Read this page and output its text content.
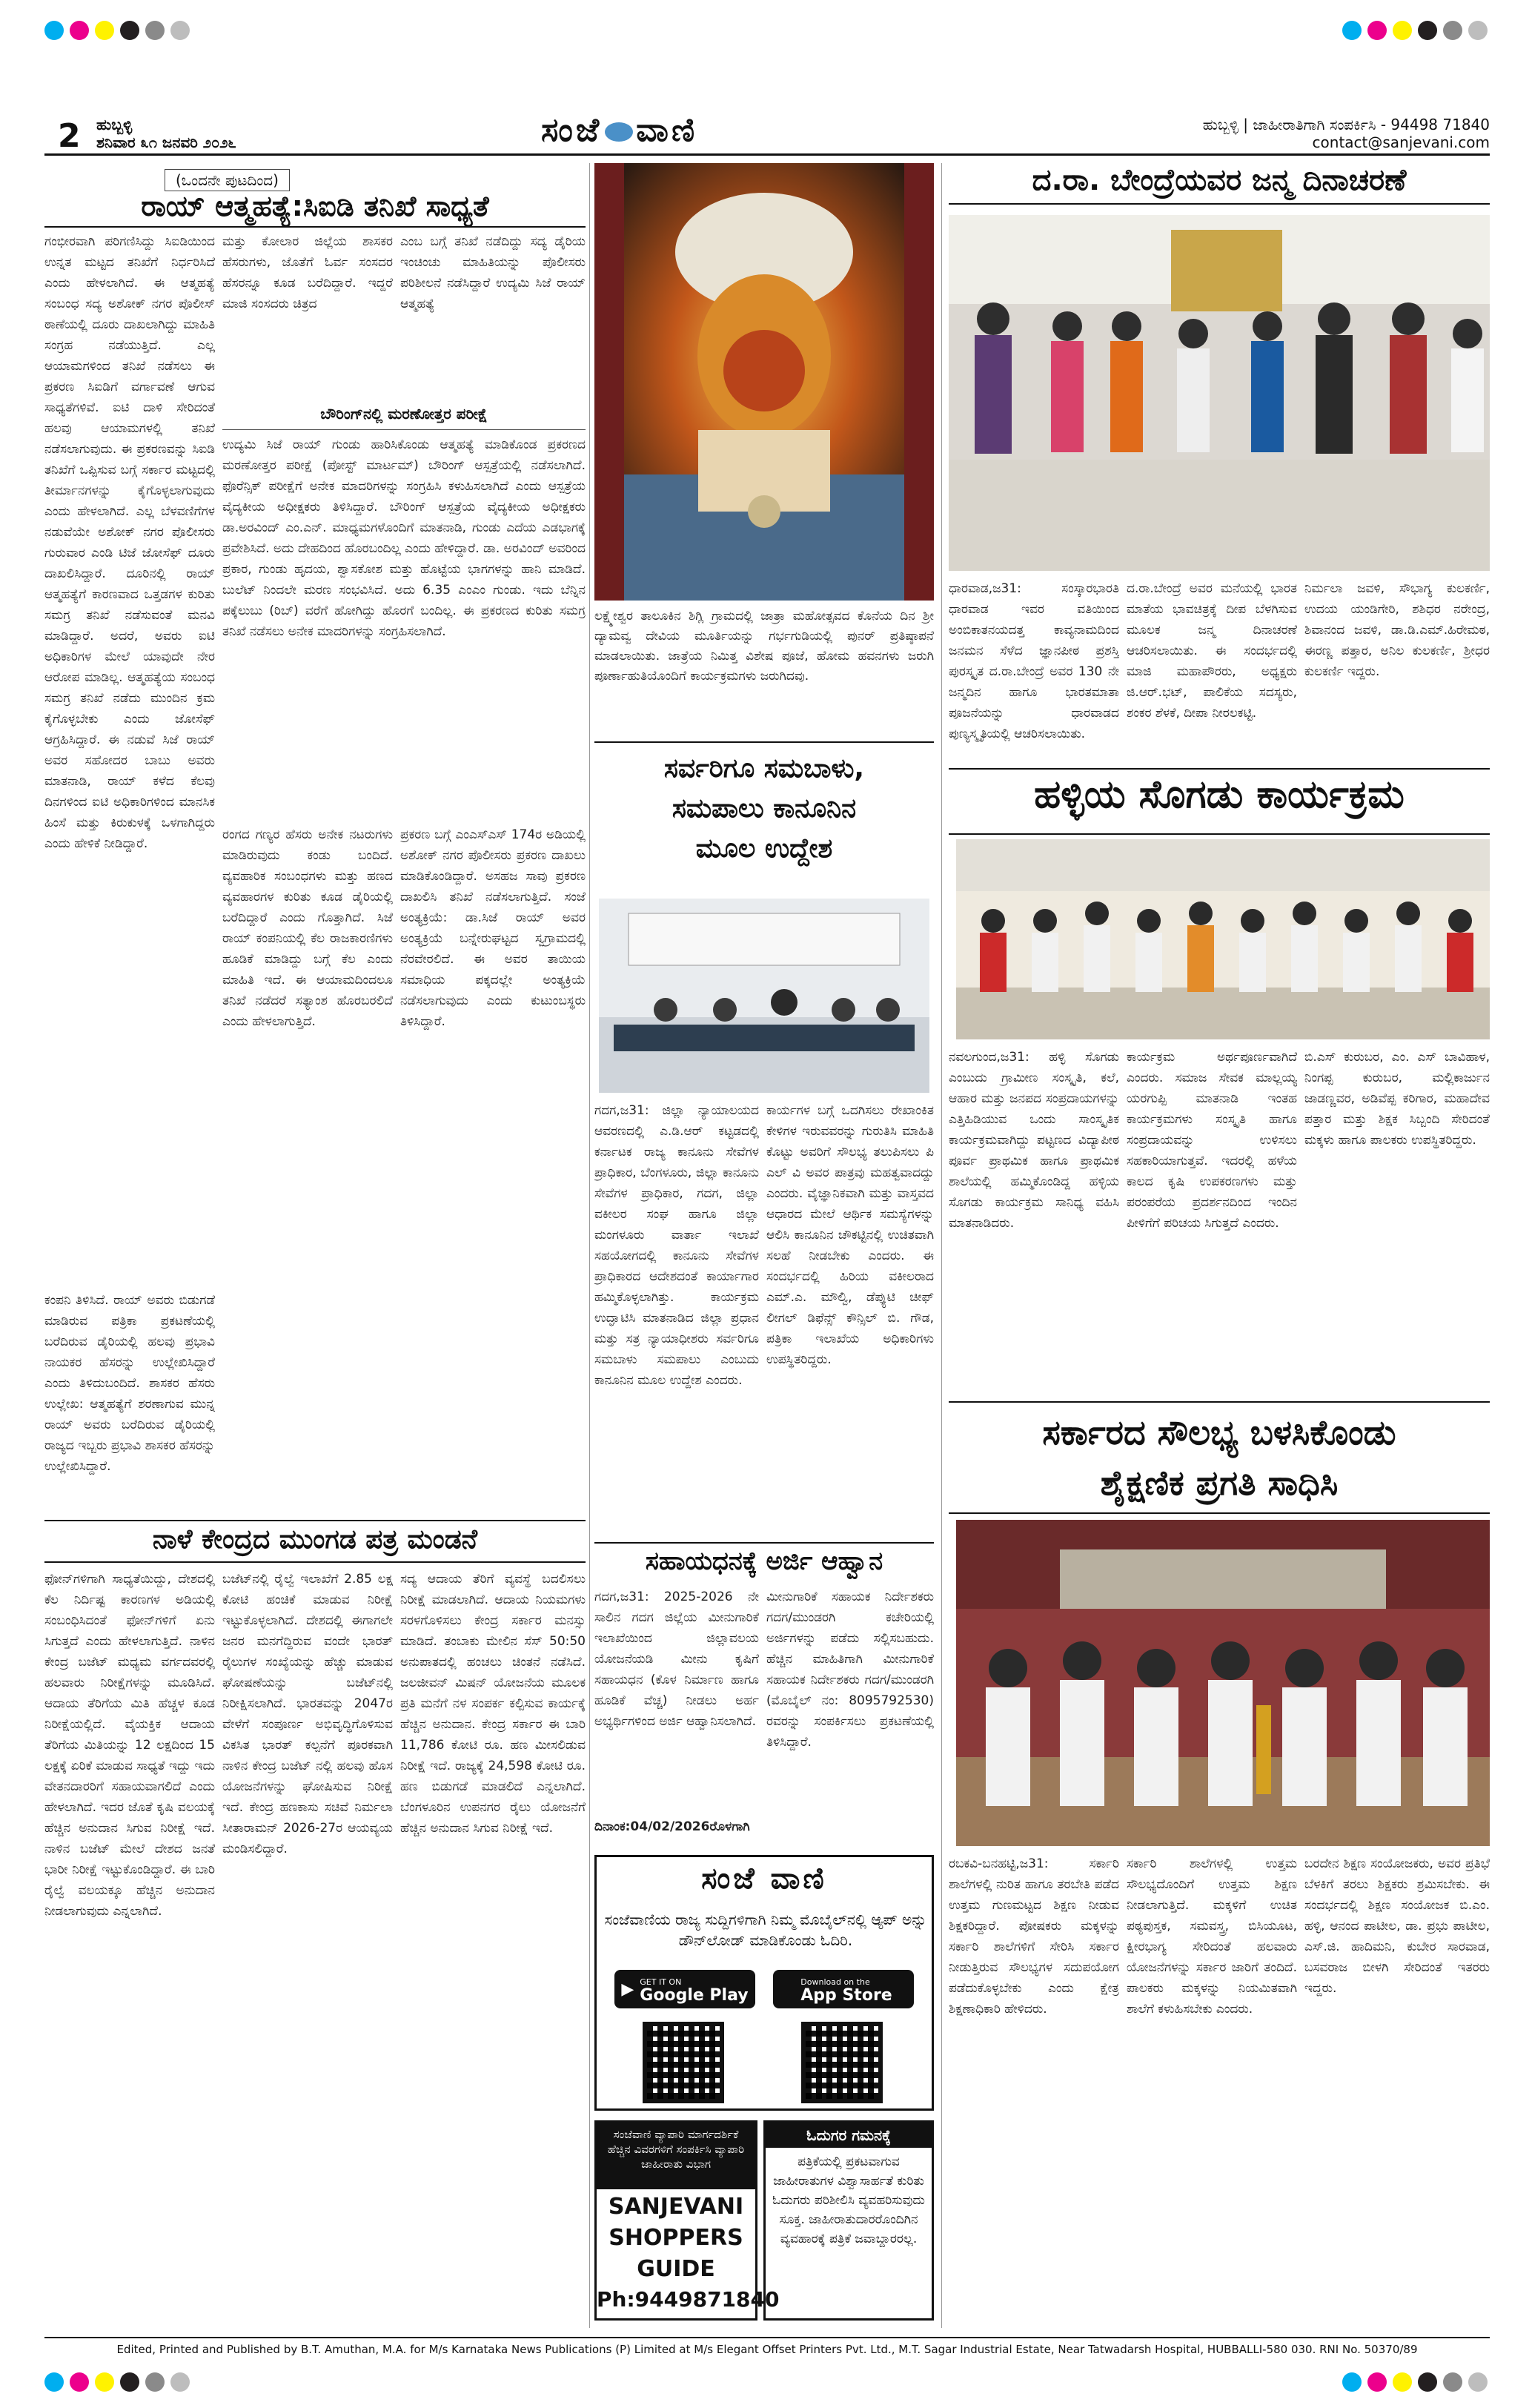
2 ಹುಬ್ಬಳ್ಳಿ
ಶನಿವಾರ ೩೧ ಜನವರಿ ೨೦೨೬	ಸಂಜೆ ವಾಣಿ	ಹುಬ್ಬಳ್ಳಿ | ಜಾಹೀರಾತಿಗಾಗಿ ಸಂಪರ್ಕಿಸಿ - 94498 71840
contact@sanjevani.com
(ಒಂದನೇ ಪುಟದಿಂದ)
ರಾಯ್ ಆತ್ಮಹತ್ಯೆ:ಸಿಐಡಿ ತನಿಖೆ ಸಾಧ್ಯತೆ
ಗಂಭೀರವಾಗಿ ಪರಿಗಣಿಸಿದ್ದು ಸಿಐಡಿಯಿಂದ ಉನ್ನತ ಮಟ್ಟದ ತನಿಖೆಗೆ ನಿರ್ಧರಿಸಿದೆ ಎಂದು ಹೇಳಲಾಗಿದೆ. ಈ ಆತ್ಮಹತ್ಯೆ ಸಂಬಂಧ ಸದ್ಯ ಅಶೋಕ್ ನಗರ ಪೊಲೀಸ್ ಠಾಣೆಯಲ್ಲಿ ದೂರು ದಾಖಲಾಗಿದ್ದು ಮಾಹಿತಿ ಸಂಗ್ರಹ ನಡೆಯುತ್ತಿದೆ. ಎಲ್ಲ ಆಯಾಮಗಳಿಂದ ತನಿಖೆ ನಡೆಸಲು ಈ ಪ್ರಕರಣ ಸಿಐಡಿಗೆ ವರ್ಗಾವಣೆ ಆಗುವ ಸಾಧ್ಯತೆಗಳಿವೆ. ಐಟಿ ದಾಳಿ ಸೇರಿದಂತೆ ಹಲವು ಆಯಾಮಗಳಲ್ಲಿ ತನಿಖೆ ನಡೆಸಲಾಗುವುದು. ಈ ಪ್ರಕರಣವನ್ನು ಸಿಐಡಿ ತನಿಖೆಗೆ ಒಪ್ಪಿಸುವ ಬಗ್ಗೆ ಸರ್ಕಾರ ಮಟ್ಟದಲ್ಲಿ ತೀರ್ಮಾನಗಳನ್ನು ಕೈಗೊಳ್ಳಲಾಗುವುದು ಎಂದು ಹೇಳಲಾಗಿದೆ. ಎಲ್ಲ ಬೆಳವಣಿಗೆಗಳ ನಡುವೆಯೇ ಅಶೋಕ್ ನಗರ ಪೊಲೀಸರು ಗುರುವಾರ ಎಂಡಿ ಟಿಜೆ ಜೋಸೆಫ್ ದೂರು ದಾಖಲಿಸಿದ್ದಾರೆ. ದೂರಿನಲ್ಲಿ ರಾಯ್ ಆತ್ಮಹತ್ಯೆಗೆ ಕಾರಣವಾದ ಒತ್ತಡಗಳ ಕುರಿತು ಸಮಗ್ರ ತನಿಖೆ ನಡೆಸುವಂತೆ ಮನವಿ ಮಾಡಿದ್ದಾರೆ. ಅದರೆ, ಅವರು ಐಟಿ ಅಧಿಕಾರಿಗಳ ಮೇಲೆ ಯಾವುದೇ ನೇರ ಆರೋಪ ಮಾಡಿಲ್ಲ. ಆತ್ಮಹತ್ಯೆಯ ಸಂಬಂಧ ಸಮಗ್ರ ತನಿಖೆ ನಡೆದು ಮುಂದಿನ ಕ್ರಮ ಕೈಗೊಳ್ಳಬೇಕು ಎಂದು ಜೋಸೆಫ್ ಆಗ್ರಹಿಸಿದ್ದಾರೆ. ಈ ನಡುವೆ ಸಿಜೆ ರಾಯ್ ಅವರ ಸಹೋದರ ಬಾಬು ಅವರು ಮಾತನಾಡಿ, ರಾಯ್ ಕಳೆದ ಕೆಲವು ದಿನಗಳಿಂದ ಐಟಿ ಅಧಿಕಾರಿಗಳಿಂದ ಮಾನಸಿಕ ಹಿಂಸೆ ಮತ್ತು ಕಿರುಕುಳಕ್ಕೆ ಒಳಗಾಗಿದ್ದರು ಎಂದು ಹೇಳಿಕೆ ನೀಡಿದ್ದಾರೆ.
ಮತ್ತು ಕೋಲಾರ ಜಿಲ್ಲೆಯ ಶಾಸಕರ ಹೆಸರುಗಳು, ಜೊತೆಗೆ ಓರ್ವ ಸಂಸದರ ಹೆಸರನ್ನೂ ಕೂಡ ಬರೆದಿದ್ದಾರೆ. ಇದ್ದರೆ ಮಾಜಿ ಸಂಸದರು ಚಿತ್ರದ
ಎಂಬ ಬಗ್ಗೆ ತನಿಖೆ ನಡೆದಿದ್ದು ಸದ್ಯ ಡೈರಿಯ ಇಂಚಿಂಚು ಮಾಹಿತಿಯನ್ನು ಪೊಲೀಸರು ಪರಿಶೀಲನೆ ನಡೆಸಿದ್ದಾರೆ ಉದ್ಯಮಿ ಸಿಜೆ ರಾಯ್ ಆತ್ಮಹತ್ಯೆ
ಬೌರಿಂಗ್‌ನಲ್ಲಿ ಮರಣೋತ್ತರ ಪರೀಕ್ಷೆ
ಉದ್ಯಮಿ ಸಿಜೆ ರಾಯ್ ಗುಂಡು ಹಾರಿಸಿಕೊಂಡು ಆತ್ಮಹತ್ಯೆ ಮಾಡಿಕೊಂಡ ಪ್ರಕರಣದ ಮರಣೋತ್ತರ ಪರೀಕ್ಷೆ (ಪೋಸ್ಟ್ ಮಾರ್ಟಮ್) ಬೌರಿಂಗ್ ಆಸ್ಪತ್ರೆಯಲ್ಲಿ ನಡೆಸಲಾಗಿದೆ. ಫೊರೆನ್ಸಿಕ್ ಪರೀಕ್ಷೆಗೆ ಅನೇಕ ಮಾದರಿಗಳನ್ನು ಸಂಗ್ರಹಿಸಿ ಕಳುಹಿಸಲಾಗಿದೆ ಎಂದು ಆಸ್ಪತ್ರೆಯ ವೈದ್ಯಕೀಯ ಅಧೀಕ್ಷಕರು ತಿಳಿಸಿದ್ದಾರೆ. ಬೌರಿಂಗ್ ಆಸ್ಪತ್ರೆಯ ವೈದ್ಯಕೀಯ ಅಧೀಕ್ಷಕರು ಡಾ.ಅರವಿಂದ್ ಎಂ.ಎನ್. ಮಾಧ್ಯಮಗಳೊಂದಿಗೆ ಮಾತನಾಡಿ, ಗುಂಡು ಎದೆಯ ಎಡಭಾಗಕ್ಕೆ ಪ್ರವೇಶಿಸಿದೆ. ಅದು ದೇಹದಿಂದ ಹೊರಬಂದಿಲ್ಲ ಎಂದು ಹೇಳಿದ್ದಾರೆ. ಡಾ. ಅರವಿಂದ್ ಅವರಿಂದ ಪ್ರಕಾರ, ಗುಂಡು ಹೃದಯ, ಶ್ವಾಸಕೋಶ ಮತ್ತು ಹೊಟ್ಟೆಯ ಭಾಗಗಳನ್ನು ಹಾನಿ ಮಾಡಿದೆ. ಬುಲೆಟ್ ನಿಂದಲೇ ಮರಣ ಸಂಭವಿಸಿದೆ. ಅದು 6.35 ಎಂಎಂ ಗುಂಡು. ಇದು ಬೆನ್ನಿನ ಪಕ್ಕೆಲುಬು (ರಿಬ್) ವರೆಗೆ ಹೋಗಿದ್ದು ಹೊರಗೆ ಬಂದಿಲ್ಲ. ಈ ಪ್ರಕರಣದ ಕುರಿತು ಸಮಗ್ರ ತನಿಖೆ ನಡೆಸಲು ಅನೇಕ ಮಾದರಿಗಳನ್ನು ಸಂಗ್ರಹಿಸಲಾಗಿದೆ.
ರಂಗದ ಗಣ್ಯರ ಹೆಸರು ಅನೇಕ ನಟರುಗಳು ಮಾಡಿರುವುದು ಕಂಡು ಬಂದಿದೆ. ವ್ಯವಹಾರಿಕ ಸಂಬಂಧಗಳು ಮತ್ತು ಹಣದ ವ್ಯವಹಾರಗಳ ಕುರಿತು ಕೂಡ ಡೈರಿಯಲ್ಲಿ ಬರೆದಿದ್ದಾರೆ ಎಂದು ಗೊತ್ತಾಗಿದೆ. ಸಿಜೆ ರಾಯ್ ಕಂಪನಿಯಲ್ಲಿ ಕೆಲ ರಾಜಕಾರಣಿಗಳು ಹೂಡಿಕೆ ಮಾಡಿದ್ದು ಬಗ್ಗೆ ಕೆಲ ಎಂದು ಮಾಹಿತಿ ಇದೆ. ಈ ಆಯಾಮದಿಂದಲೂ ತನಿಖೆ ನಡೆದರೆ ಸತ್ಯಾಂಶ ಹೊರಬರಲಿದೆ ಎಂದು ಹೇಳಲಾಗುತ್ತಿದೆ.
ಪ್ರಕರಣ ಬಗ್ಗೆ ಎಂಎಸ್‌ಎಸ್ 174ರ ಅಡಿಯಲ್ಲಿ ಅಶೋಕ್ ನಗರ ಪೊಲೀಸರು ಪ್ರಕರಣ ದಾಖಲು ಮಾಡಿಕೊಂಡಿದ್ದಾರೆ. ಅಸಹಜ ಸಾವು ಪ್ರಕರಣ ದಾಖಲಿಸಿ ತನಿಖೆ ನಡೆಸಲಾಗುತ್ತಿದೆ. ಸಂಜೆ ಅಂತ್ಯಕ್ರಿಯೆ: ಡಾ.ಸಿಜೆ ರಾಯ್ ಅವರ ಅಂತ್ಯಕ್ರಿಯೆ ಬನ್ನೇರುಘಟ್ಟದ ಸ್ವಗ್ರಾಮದಲ್ಲಿ ನೆರವೇರಲಿದೆ. ಈ ಅವರ ತಾಯಿಯ ಸಮಾಧಿಯ ಪಕ್ಕದಲ್ಲೇ ಅಂತ್ಯಕ್ರಿಯೆ ನಡೆಸಲಾಗುವುದು ಎಂದು ಕುಟುಂಬಸ್ಥರು ತಿಳಿಸಿದ್ದಾರೆ.
ಕಂಪನಿ ತಿಳಿಸಿದೆ. ರಾಯ್ ಅವರು ಬಿಡುಗಡೆ ಮಾಡಿರುವ ಪತ್ರಿಕಾ ಪ್ರಕಟಣೆಯಲ್ಲಿ ಬರೆದಿರುವ ಡೈರಿಯಲ್ಲಿ ಹಲವು ಪ್ರಭಾವಿ ನಾಯಕರ ಹೆಸರನ್ನು ಉಲ್ಲೇಖಿಸಿದ್ದಾರೆ ಎಂದು ತಿಳಿದುಬಂದಿದೆ. ಶಾಸಕರ ಹೆಸರು ಉಲ್ಲೇಖ: ಆತ್ಮಹತ್ಯೆಗೆ ಶರಣಾಗುವ ಮುನ್ನ ರಾಯ್ ಅವರು ಬರೆದಿರುವ ಡೈರಿಯಲ್ಲಿ ರಾಜ್ಯದ ಇಬ್ಬರು ಪ್ರಭಾವಿ ಶಾಸಕರ ಹೆಸರನ್ನು ಉಲ್ಲೇಖಿಸಿದ್ದಾರೆ.
ನಾಳೆ ಕೇಂದ್ರದ ಮುಂಗಡ ಪತ್ರ ಮಂಡನೆ
ಫೋನ್‌ಗಳಿಗಾಗಿ ಸಾಧ್ಯತೆಯಿದ್ದು, ದೇಶದಲ್ಲಿ ಕೆಲ ನಿರ್ದಿಷ್ಟ ಕಾರಣಗಳ ಅಡಿಯಲ್ಲಿ ಸಂಬಂಧಿಸಿದಂತೆ ಫೋನ್‌ಗಳಿಗೆ ಏನು ಸಿಗುತ್ತದೆ ಎಂದು ಹೇಳಲಾಗುತ್ತಿದೆ. ನಾಳಿನ ಕೇಂದ್ರ ಬಜೆಟ್ ಮಧ್ಯಮ ವರ್ಗದವರಲ್ಲಿ ಹಲವಾರು ನಿರೀಕ್ಷೆಗಳನ್ನು ಮೂಡಿಸಿದೆ. ಆದಾಯ ತೆರಿಗೆಯ ಮಿತಿ ಹೆಚ್ಚಳ ಕೂಡ ನಿರೀಕ್ಷೆಯಲ್ಲಿದೆ. ವೈಯಕ್ತಿಕ ಆದಾಯ ತೆರಿಗೆಯ ಮಿತಿಯನ್ನು 12 ಲಕ್ಷದಿಂದ 15 ಲಕ್ಷಕ್ಕೆ ಏರಿಕೆ ಮಾಡುವ ಸಾಧ್ಯತೆ ಇದ್ದು ಇದು ವೇತನದಾರರಿಗೆ ಸಹಾಯವಾಗಲಿದೆ ಎಂದು ಹೇಳಲಾಗಿದೆ. ಇದರ ಜೊತೆ ಕೃಷಿ ವಲಯಕ್ಕೆ ಹೆಚ್ಚಿನ ಅನುದಾನ ಸಿಗುವ ನಿರೀಕ್ಷೆ ಇದೆ. ನಾಳಿನ ಬಜೆಟ್ ಮೇಲೆ ದೇಶದ ಜನತೆ ಭಾರೀ ನಿರೀಕ್ಷೆ ಇಟ್ಟುಕೊಂಡಿದ್ದಾರೆ. ಈ ಬಾರಿ ರೈಲ್ವೆ ವಲಯಕ್ಕೂ ಹೆಚ್ಚಿನ ಅನುದಾನ ನೀಡಲಾಗುವುದು ಎನ್ನಲಾಗಿದೆ.
ಬಜೆಟ್‌ನಲ್ಲಿ ರೈಲ್ವೆ ಇಲಾಖೆಗೆ 2.85 ಲಕ್ಷ ಕೋಟಿ ಹಂಚಿಕೆ ಮಾಡುವ ನಿರೀಕ್ಷೆ ಇಟ್ಟುಕೊಳ್ಳಲಾಗಿದೆ. ದೇಶದಲ್ಲಿ ಈಗಾಗಲೇ ಜನರ ಮನಗೆದ್ದಿರುವ ವಂದೇ ಭಾರತ್ ರೈಲುಗಳ ಸಂಖ್ಯೆಯನ್ನು ಹೆಚ್ಚು ಮಾಡುವ ಘೋಷಣೆಯನ್ನು ಬಜೆಟ್‌ನಲ್ಲಿ ನಿರೀಕ್ಷಿಸಲಾಗಿದೆ. ಭಾರತವನ್ನು 2047ರ ವೇಳೆಗೆ ಸಂಪೂರ್ಣ ಅಭಿವೃದ್ಧಿಗೊಳಿಸುವ ವಿಕಸಿತ ಭಾರತ್ ಕಲ್ಪನೆಗೆ ಪೂರಕವಾಗಿ ನಾಳಿನ ಕೇಂದ್ರ ಬಜೆಟ್ ನಲ್ಲಿ ಹಲವು ಹೊಸ ಯೋಜನೆಗಳನ್ನು ಘೋಷಿಸುವ ನಿರೀಕ್ಷೆ ಇದೆ. ಕೇಂದ್ರ ಹಣಕಾಸು ಸಚಿವೆ ನಿರ್ಮಲಾ ಸೀತಾರಾಮನ್ 2026-27ರ ಆಯವ್ಯಯ ಮಂಡಿಸಲಿದ್ದಾರೆ.
ಸದ್ಯ ಆದಾಯ ತೆರಿಗೆ ವ್ಯವಸ್ಥೆ ಬದಲಿಸಲು ನಿರೀಕ್ಷೆ ಮಾಡಲಾಗಿದೆ. ಆದಾಯ ನಿಯಮಗಳು ಸರಳಗೊಳಿಸಲು ಕೇಂದ್ರ ಸರ್ಕಾರ ಮನಸ್ಸು ಮಾಡಿದೆ. ತಂಬಾಕು ಮೇಲಿನ ಸೆಸ್ 50:50 ಅನುಪಾತದಲ್ಲಿ ಹಂಚಲು ಚಿಂತನೆ ನಡೆಸಿದೆ. ಜಲಜೀವನ್ ಮಿಷನ್ ಯೋಜನೆಯ ಮೂಲಕ ಪ್ರತಿ ಮನೆಗೆ ನಳ ಸಂಪರ್ಕ ಕಲ್ಪಿಸುವ ಕಾರ್ಯಕ್ಕೆ ಹೆಚ್ಚಿನ ಅನುದಾನ. ಕೇಂದ್ರ ಸರ್ಕಾರ ಈ ಬಾರಿ 11,786 ಕೋಟಿ ರೂ. ಹಣ ಮೀಸಲಿಡುವ ನಿರೀಕ್ಷೆ ಇದೆ. ರಾಜ್ಯಕ್ಕೆ 24,598 ಕೋಟಿ ರೂ. ಹಣ ಬಿಡುಗಡೆ ಮಾಡಲಿದೆ ಎನ್ನಲಾಗಿದೆ. ಬೆಂಗಳೂರಿನ ಉಪನಗರ ರೈಲು ಯೋಜನೆಗೆ ಹೆಚ್ಚಿನ ಅನುದಾನ ಸಿಗುವ ನಿರೀಕ್ಷೆ ಇದೆ.
ಲಕ್ಷ್ಮೇಶ್ವರ ತಾಲೂಕಿನ ಶಿಗ್ಲಿ ಗ್ರಾಮದಲ್ಲಿ ಜಾತ್ರಾ ಮಹೋತ್ಸವದ ಕೊನೆಯ ದಿನ ಶ್ರೀ ದ್ಯಾಮವ್ವ ದೇವಿಯ ಮೂರ್ತಿಯನ್ನು ಗರ್ಭಗುಡಿಯಲ್ಲಿ ಪುನರ್ ಪ್ರತಿಷ್ಠಾಪನೆ ಮಾಡಲಾಯಿತು. ಜಾತ್ರೆಯ ನಿಮಿತ್ತ ವಿಶೇಷ ಪೂಜೆ, ಹೋಮ ಹವನಗಳು ಜರುಗಿ ಪೂರ್ಣಾಹುತಿಯೊಂದಿಗೆ ಕಾರ್ಯಕ್ರಮಗಳು ಜರುಗಿದವು.
ಸರ್ವರಿಗೂ ಸಮಬಾಳು,
ಸಮಪಾಲು ಕಾನೂನಿನ
ಮೂಲ ಉದ್ದೇಶ
ಗದಗ,ಜ31: ಜಿಲ್ಲಾ ನ್ಯಾಯಾಲಯದ ಆವರಣದಲ್ಲಿ ಎ.ಡಿ.ಆರ್ ಕಟ್ಟಡದಲ್ಲಿ ಕರ್ನಾಟಕ ರಾಜ್ಯ ಕಾನೂನು ಸೇವೆಗಳ ಪ್ರಾಧಿಕಾರ, ಬೆಂಗಳೂರು, ಜಿಲ್ಲಾ ಕಾನೂನು ಸೇವೆಗಳ ಪ್ರಾಧಿಕಾರ, ಗದಗ, ಜಿಲ್ಲಾ ವಕೀಲರ ಸಂಘ ಹಾಗೂ ಜಿಲ್ಲಾ ಮಂಗಳೂರು ವಾರ್ತಾ ಇಲಾಖೆ ಸಹಯೋಗದಲ್ಲಿ ಕಾನೂನು ಸೇವೆಗಳ ಪ್ರಾಧಿಕಾರದ ಆದೇಶದಂತೆ ಕಾರ್ಯಾಗಾರ ಹಮ್ಮಿಕೊಳ್ಳಲಾಗಿತ್ತು. ಕಾರ್ಯಕ್ರಮ ಉದ್ಘಾಟಿಸಿ ಮಾತನಾಡಿದ ಜಿಲ್ಲಾ ಪ್ರಧಾನ ಮತ್ತು ಸತ್ರ ನ್ಯಾಯಾಧೀಶರು ಸರ್ವರಿಗೂ ಸಮಬಾಳು ಸಮಪಾಲು ಎಂಬುದು ಕಾನೂನಿನ ಮೂಲ ಉದ್ದೇಶ ಎಂದರು.
ಕಾರ್ಯಗಳ ಬಗ್ಗೆ ಒದಗಿಸಲು ರೇಖಾಂಕಿತ ಕೇಳಿಗಳ ಇರುವವರನ್ನು ಗುರುತಿಸಿ ಮಾಹಿತಿ ಕೊಟ್ಟು ಅವರಿಗೆ ಸೌಲಭ್ಯ ತಲುಪಿಸಲು ಪಿ ಎಲ್ ವಿ ಅವರ ಪಾತ್ರವು ಮಹತ್ವವಾದದ್ದು ಎಂದರು. ವೈಜ್ಞಾನಿಕವಾಗಿ ಮತ್ತು ವಾಸ್ತವದ ಆಧಾರದ ಮೇಲೆ ಆರ್ಥಿಕ ಸಮಸ್ಯೆಗಳನ್ನು ಆಲಿಸಿ ಕಾನೂನಿನ ಚೌಕಟ್ಟಿನಲ್ಲಿ ಉಚಿತವಾಗಿ ಸಲಹೆ ನೀಡಬೇಕು ಎಂದರು. ಈ ಸಂದರ್ಭದಲ್ಲಿ ಹಿರಿಯ ವಕೀಲರಾದ ಎಮ್.ಎ. ಮೌಲ್ವಿ, ಡೆಪ್ಯುಟಿ ಚೀಫ್ ಲೀಗಲ್ ಡಿಫೆನ್ಸ್ ಕೌನ್ಸಿಲ್ ಬಿ. ಗೌಡ, ಪತ್ರಿಕಾ ಇಲಾಖೆಯ ಅಧಿಕಾರಿಗಳು ಉಪಸ್ಥಿತರಿದ್ದರು.
ಸಹಾಯಧನಕ್ಕೆ ಅರ್ಜಿ ಆಹ್ವಾನ
ಗದಗ,ಜ31: 2025-2026 ನೇ ಸಾಲಿನ ಗದಗ ಜಿಲ್ಲೆಯ ಮೀನುಗಾರಿಕೆ ಇಲಾಖೆಯಿಂದ ಜಿಲ್ಲಾವಲಯ ಯೋಜನೆಯಡಿ ಮೀನು ಕೃಷಿಗೆ ಸಹಾಯಧನ (ಕೊಳ ನಿರ್ಮಾಣ ಹಾಗೂ ಹೂಡಿಕೆ ವೆಚ್ಚ) ನೀಡಲು ಅರ್ಹ ಅಭ್ಯರ್ಥಿಗಳಿಂದ ಅರ್ಜಿ ಆಹ್ವಾನಿಸಲಾಗಿದೆ.
ಮೀನುಗಾರಿಕೆ ಸಹಾಯಕ ನಿರ್ದೇಶಕರು ಗದಗ/ಮುಂಡರಗಿ ಕಚೇರಿಯಲ್ಲಿ ಅರ್ಜಿಗಳನ್ನು ಪಡೆದು ಸಲ್ಲಿಸಬಹುದು. ಹೆಚ್ಚಿನ ಮಾಹಿತಿಗಾಗಿ ಮೀನುಗಾರಿಕೆ ಸಹಾಯಕ ನಿರ್ದೇಶಕರು ಗದಗ/ಮುಂಡರಗಿ (ಮೊಬೈಲ್ ನಂ: 8095792530) ರವರನ್ನು ಸಂಪರ್ಕಿಸಲು ಪ್ರಕಟಣೆಯಲ್ಲಿ ತಿಳಿಸಿದ್ದಾರೆ.
ದಿನಾಂಕ:04/02/2026ರೊಳಗಾಗಿ
ಸಂಜೆ ವಾಣಿ
ಸಂಜೆವಾಣಿಯ ರಾಜ್ಯ ಸುದ್ದಿಗಳಿಗಾಗಿ ನಿಮ್ಮ ಮೊಬೈಲ್‌ನಲ್ಲಿ ಆ್ಯಪ್ ಅನ್ನು ಡೌನ್‌ಲೋಡ್ ಮಾಡಿಕೊಂಡು ಓದಿರಿ.
▶ GET IT ON
Google Play
Download on the
App Store
ಸಂಜೆವಾಣಿ ವ್ಯಾಪಾರಿ ಮಾರ್ಗದರ್ಶಿಕೆ ಹೆಚ್ಚಿನ ವಿವರಗಳಿಗೆ ಸಂಪರ್ಕಿಸಿ ವ್ಯಾಪಾರಿ ಜಾಹೀರಾತು ವಿಭಾಗ
SANJEVANI
SHOPPERS
GUIDE
Ph:9449871840
ಓದುಗರ ಗಮನಕ್ಕೆ
ಪತ್ರಿಕೆಯಲ್ಲಿ ಪ್ರಕಟವಾಗುವ ಜಾಹೀರಾತುಗಳ ವಿಶ್ವಾಸಾರ್ಹತೆ ಕುರಿತು ಓದುಗರು ಪರಿಶೀಲಿಸಿ ವ್ಯವಹರಿಸುವುದು ಸೂಕ್ತ. ಜಾಹೀರಾತುದಾರರೊಂದಿಗಿನ ವ್ಯವಹಾರಕ್ಕೆ ಪತ್ರಿಕೆ ಜವಾಬ್ದಾರರಲ್ಲ.
ದ.ರಾ. ಬೇಂದ್ರೆಯವರ ಜನ್ಮ ದಿನಾಚರಣೆ
ಧಾರವಾಡ,ಜ31: ಸಂಸ್ಕಾರಭಾರತಿ ಧಾರವಾಡ ಇವರ ವತಿಯಿಂದ ಅಂಬಿಕಾತನಯದತ್ತ ಕಾವ್ಯನಾಮದಿಂದ ಜನಮನ ಸೆಳೆದ ಜ್ಞಾನಪೀಠ ಪ್ರಶಸ್ತಿ ಪುರಸ್ಕೃತ ದ.ರಾ.ಬೇಂದ್ರೆ ಅವರ 130 ನೇ ಜನ್ಮದಿನ ಹಾಗೂ ಭಾರತಮಾತಾ ಪೂಜನೆಯನ್ನು ಧಾರವಾಡದ ಪುಣ್ಯಸ್ಮೃತಿಯಲ್ಲಿ ಆಚರಿಸಲಾಯಿತು.
ದ.ರಾ.ಬೇಂದ್ರೆ ಅವರ ಮನೆಯಲ್ಲಿ ಭಾರತ ಮಾತೆಯ ಭಾವಚಿತ್ರಕ್ಕೆ ದೀಪ ಬೆಳಗಿಸುವ ಮೂಲಕ ಜನ್ಮ ದಿನಾಚರಣೆ ಆಚರಿಸಲಾಯಿತು. ಈ ಸಂದರ್ಭದಲ್ಲಿ ಮಾಜಿ ಮಹಾಪೌರರು, ಅಧ್ಯಕ್ಷರು ಜಿ.ಆರ್.ಭಟ್, ಪಾಲಿಕೆಯ ಸದಸ್ಯರು, ಶಂಕರ ಶೆಳಕೆ, ದೀಪಾ ನೀರಲಕಟ್ಟಿ.
ನಿರ್ಮಲಾ ಜವಳಿ, ಸೌಭಾಗ್ಯ ಕುಲಕರ್ಣಿ, ಉದಯ ಯಂಡಿಗೇರಿ, ಶಶಿಧರ ನರೇಂದ್ರ, ಶಿವಾನಂದ ಜವಳಿ, ಡಾ.ಡಿ.ಎಮ್.ಹಿರೇಮಠ, ಈರಣ್ಣ ಪತ್ತಾರ, ಅನಿಲ ಕುಲಕರ್ಣಿ, ಶ್ರೀಧರ ಕುಲಕರ್ಣಿ ಇದ್ದರು.
ಹಳ್ಳಿಯ ಸೊಗಡು ಕಾರ್ಯಕ್ರಮ
ನವಲಗುಂದ,ಜ31: ಹಳ್ಳಿ ಸೊಗಡು ಎಂಬುದು ಗ್ರಾಮೀಣ ಸಂಸ್ಕೃತಿ, ಕಲೆ, ಆಹಾರ ಮತ್ತು ಜನಪದ ಸಂಪ್ರದಾಯಗಳನ್ನು ಎತ್ತಿಹಿಡಿಯುವ ಒಂದು ಸಾಂಸ್ಕೃತಿಕ ಕಾರ್ಯಕ್ರಮವಾಗಿದ್ದು ಪಟ್ಟಣದ ವಿದ್ಯಾಪೀಠ ಪೂರ್ವ ಪ್ರಾಥಮಿಕ ಹಾಗೂ ಪ್ರಾಥಮಿಕ ಶಾಲೆಯಲ್ಲಿ ಹಮ್ಮಿಕೊಂಡಿದ್ದ ಹಳ್ಳಿಯ ಸೊಗಡು ಕಾರ್ಯಕ್ರಮ ಸಾನಿಧ್ಯ ವಹಿಸಿ ಮಾತನಾಡಿದರು.
ಕಾರ್ಯಕ್ರಮ ಅರ್ಥಪೂರ್ಣವಾಗಿದೆ ಎಂದರು. ಸಮಾಜ ಸೇವಕ ಮಾಲ್ಲಯ್ಯ ಯರಗುಪ್ಪಿ ಮಾತನಾಡಿ ಇಂತಹ ಕಾರ್ಯಕ್ರಮಗಳು ಸಂಸ್ಕೃತಿ ಹಾಗೂ ಸಂಪ್ರದಾಯವನ್ನು ಉಳಿಸಲು ಸಹಕಾರಿಯಾಗುತ್ತವೆ. ಇದರಲ್ಲಿ ಹಳೆಯ ಕಾಲದ ಕೃಷಿ ಉಪಕರಣಗಳು ಮತ್ತು ಪರಂಪರೆಯ ಪ್ರದರ್ಶನದಿಂದ ಇಂದಿನ ಪೀಳಿಗೆಗೆ ಪರಿಚಯ ಸಿಗುತ್ತದೆ ಎಂದರು.
ಬಿ.ಎಸ್ ಕುರುಬರ, ಎಂ. ಎಸ್ ಬಾವಿಹಾಳ, ನಿಂಗಪ್ಪ ಕುರುಬರ, ಮಲ್ಲಿಕಾರ್ಜುನ ಜಾಡಣ್ಣವರ, ಅಡಿವೆಪ್ಪ ಕರಿಗಾರ, ಮಹಾದೇವ ಪತ್ತಾರ ಮತ್ತು ಶಿಕ್ಷಕ ಸಿಬ್ಬಂದಿ ಸೇರಿದಂತೆ ಮಕ್ಕಳು ಹಾಗೂ ಪಾಲಕರು ಉಪಸ್ಥಿತರಿದ್ದರು.
ಸರ್ಕಾರದ ಸೌಲಭ್ಯ ಬಳಸಿಕೊಂಡು
ಶೈಕ್ಷಣಿಕ ಪ್ರಗತಿ ಸಾಧಿಸಿ
ರಬಕವಿ-ಬನಹಟ್ಟಿ,ಜ31: ಸರ್ಕಾರಿ ಶಾಲೆಗಳಲ್ಲಿ ನುರಿತ ಹಾಗೂ ತರಬೇತಿ ಪಡೆದ ಉತ್ತಮ ಗುಣಮಟ್ಟದ ಶಿಕ್ಷಣ ನೀಡುವ ಶಿಕ್ಷಕರಿದ್ದಾರೆ. ಪೋಷಕರು ಮಕ್ಕಳನ್ನು ಸರ್ಕಾರಿ ಶಾಲೆಗಳಿಗೆ ಸೇರಿಸಿ ಸರ್ಕಾರ ನೀಡುತ್ತಿರುವ ಸೌಲಭ್ಯಗಳ ಸದುಪಯೋಗ ಪಡೆದುಕೊಳ್ಳಬೇಕು ಎಂದು ಕ್ಷೇತ್ರ ಶಿಕ್ಷಣಾಧಿಕಾರಿ ಹೇಳಿದರು.
ಸರ್ಕಾರಿ ಶಾಲೆಗಳಲ್ಲಿ ಉತ್ತಮ ಸೌಲಭ್ಯದೊಂದಿಗೆ ಉತ್ತಮ ಶಿಕ್ಷಣ ನೀಡಲಾಗುತ್ತಿದೆ. ಮಕ್ಕಳಿಗೆ ಉಚಿತ ಪಠ್ಯಪುಸ್ತಕ, ಸಮವಸ್ತ್ರ, ಬಿಸಿಯೂಟ, ಕ್ಷೀರಭಾಗ್ಯ ಸೇರಿದಂತೆ ಹಲವಾರು ಯೋಜನೆಗಳನ್ನು ಸರ್ಕಾರ ಜಾರಿಗೆ ತಂದಿದೆ. ಪಾಲಕರು ಮಕ್ಕಳನ್ನು ನಿಯಮಿತವಾಗಿ ಶಾಲೆಗೆ ಕಳುಹಿಸಬೇಕು ಎಂದರು.
ಬರದೇನ ಶಿಕ್ಷಣ ಸಂಯೋಜಕರು, ಅವರ ಪ್ರತಿಭೆ ಬೆಳಕಿಗೆ ತರಲು ಶಿಕ್ಷಕರು ಶ್ರಮಿಸಬೇಕು. ಈ ಸಂದರ್ಭದಲ್ಲಿ ಶಿಕ್ಷಣ ಸಂಯೋಜಕ ಬಿ.ಎಂ. ಹಳ್ಳಿ, ಆನಂದ ಪಾಟೀಲ, ಡಾ. ಪ್ರಭು ಪಾಟೀಲ, ಎಸ್.ಜಿ. ಹಾದಿಮನಿ, ಕುಬೇರ ಸಾರವಾಡ, ಬಸವರಾಜ ಬೀಳಗಿ ಸೇರಿದಂತೆ ಇತರರು ಇದ್ದರು.
Edited, Printed and Published by B.T. Amuthan, M.A. for M/s Karnataka News Publications (P) Limited at M/s Elegant Offset Printers Pvt. Ltd., M.T. Sagar Industrial Estate, Near Tatwadarsh Hospital, HUBBALLI-580 030. RNI No. 50370/89
